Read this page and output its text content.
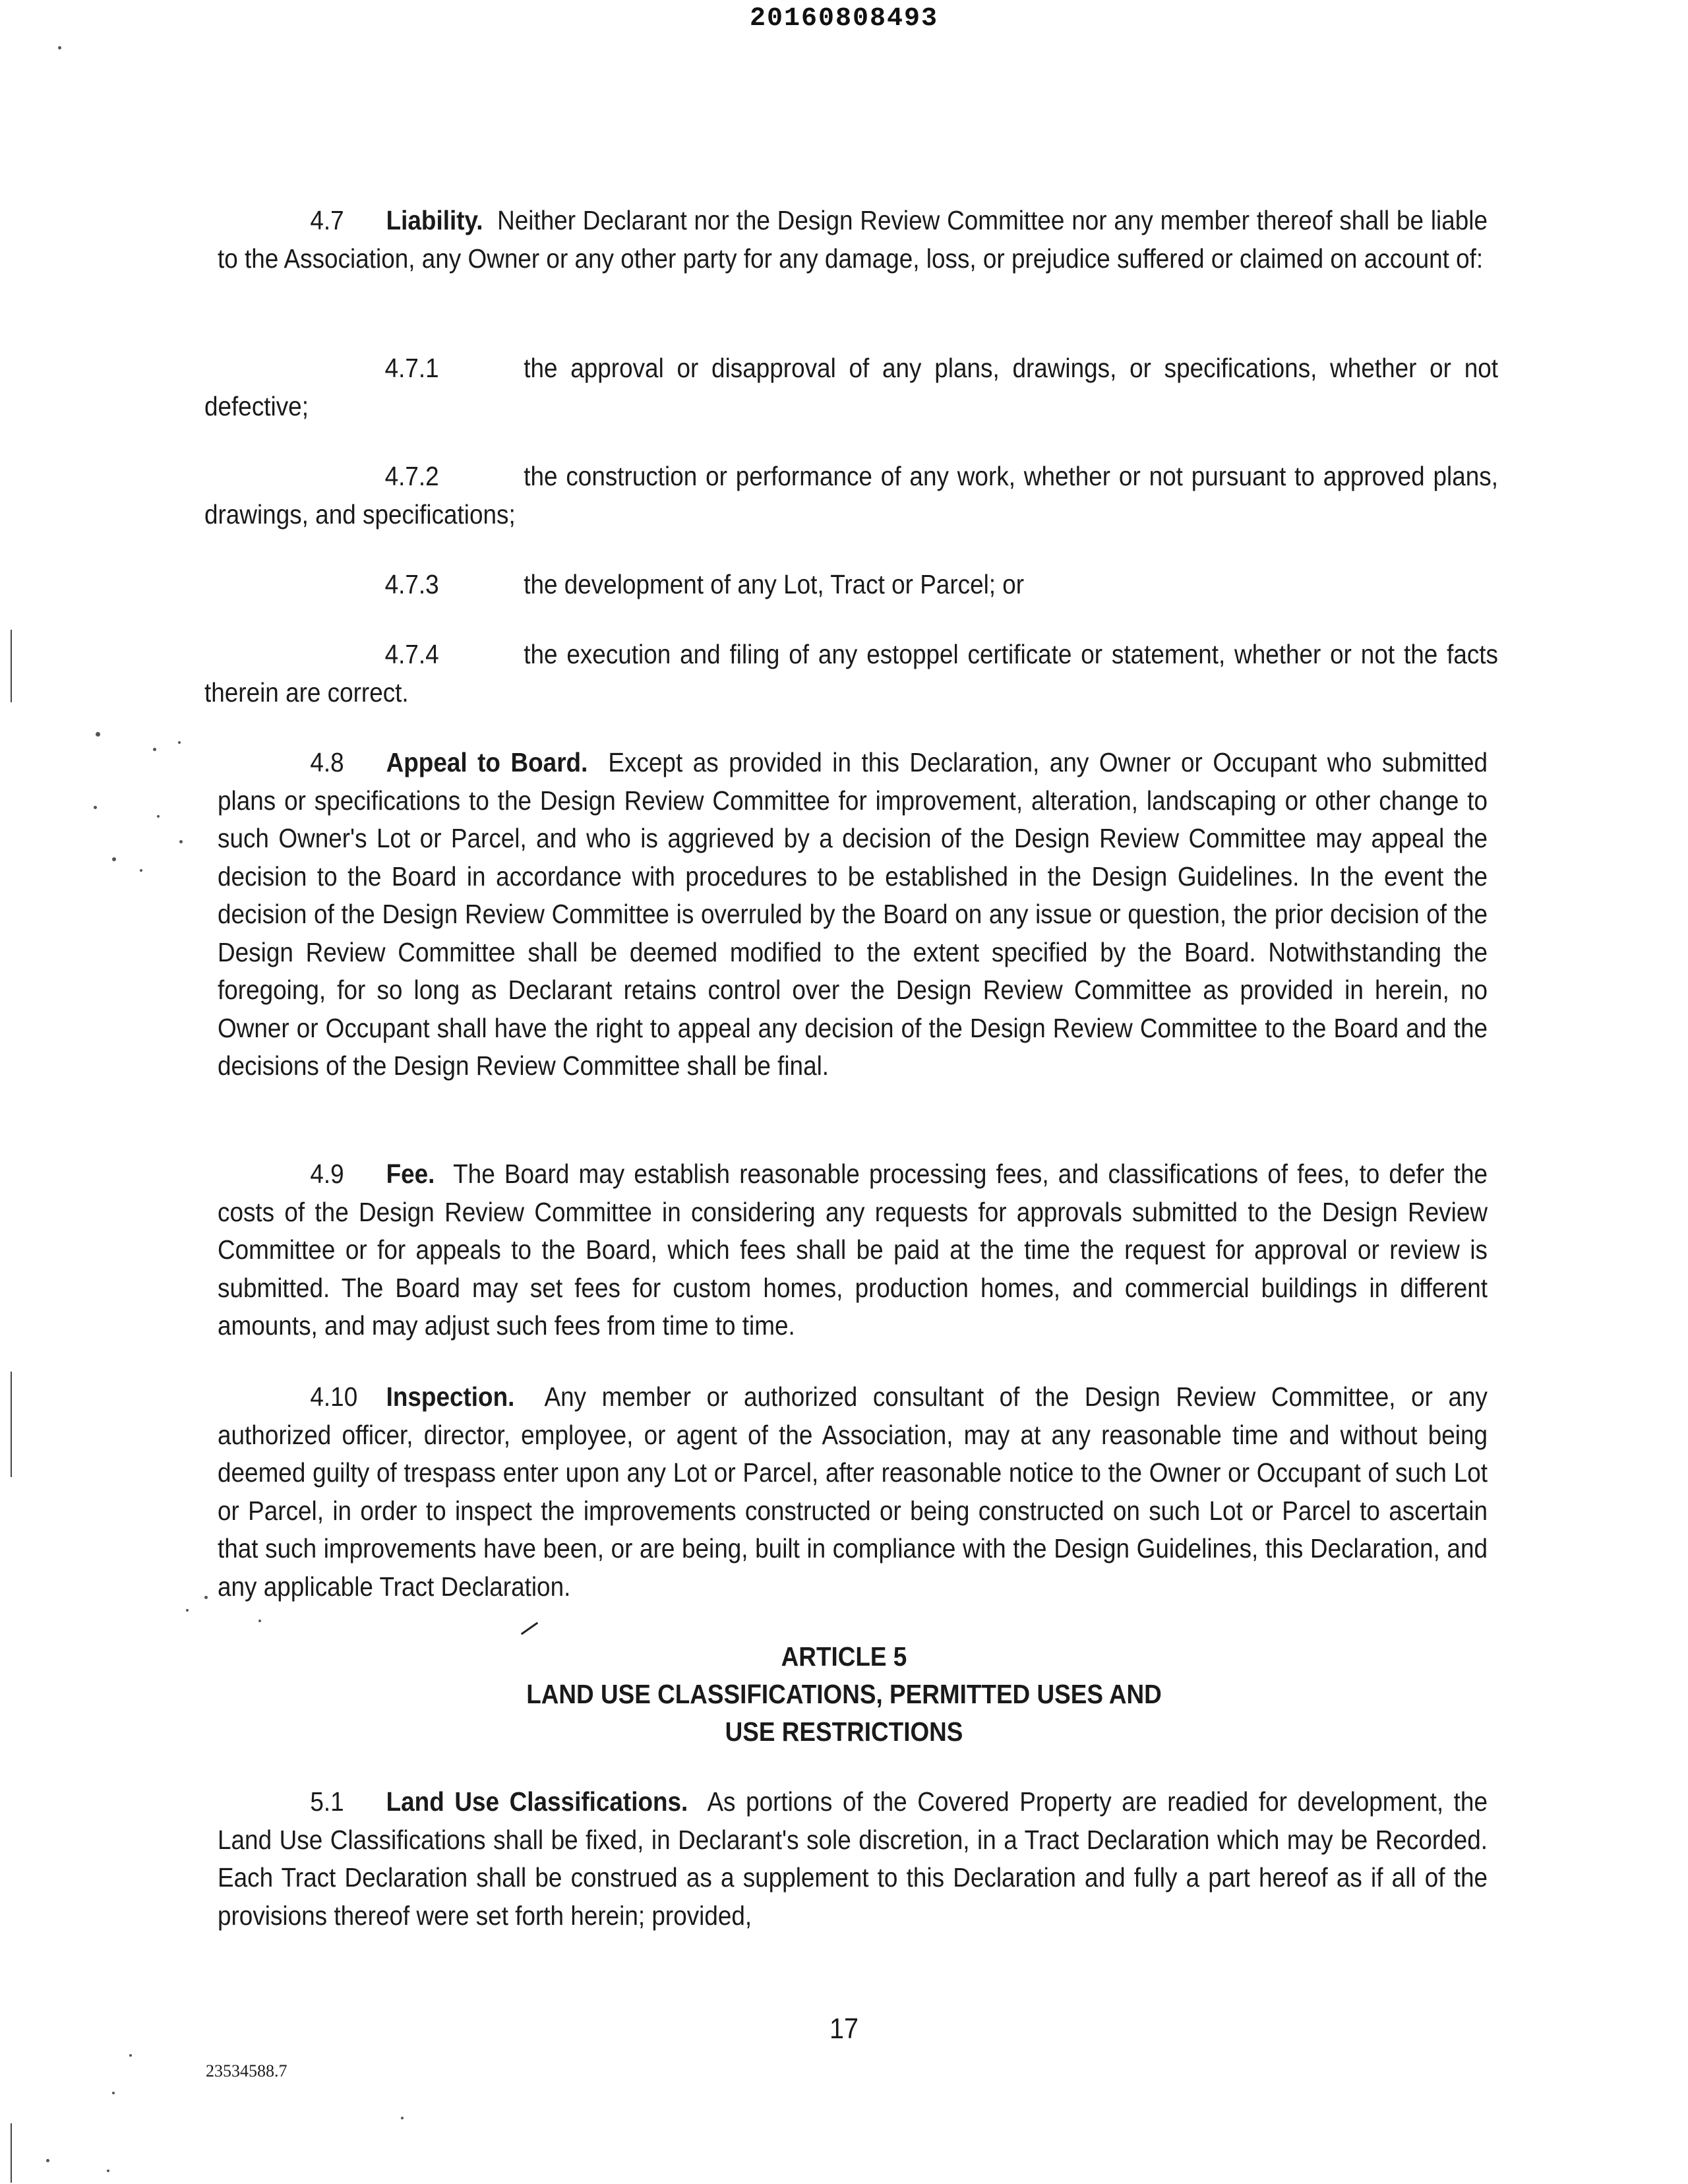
20160808493
4.7 Liability. Neither Declarant nor the Design Review Committee nor any member thereof shall be liable to the Association, any Owner or any other party for any damage, loss, or prejudice suffered or claimed on account of:
4.7.1	the approval or disapproval of any plans, drawings, or specifications, whether or not defective;
4.7.2	the construction or performance of any work, whether or not pursuant to approved plans, drawings, and specifications;
4.7.3	the development of any Lot, Tract or Parcel; or
4.7.4	the execution and filing of any estoppel certificate or statement, whether or not the facts therein are correct.
4.8 Appeal to Board. Except as provided in this Declaration, any Owner or Occupant who submitted plans or specifications to the Design Review Committee for improvement, alteration, landscaping or other change to such Owner's Lot or Parcel, and who is aggrieved by a decision of the Design Review Committee may appeal the decision to the Board in accordance with procedures to be established in the Design Guidelines. In the event the decision of the Design Review Committee is overruled by the Board on any issue or question, the prior decision of the Design Review Committee shall be deemed modified to the extent specified by the Board. Notwithstanding the foregoing, for so long as Declarant retains control over the Design Review Committee as provided in herein, no Owner or Occupant shall have the right to appeal any decision of the Design Review Committee to the Board and the decisions of the Design Review Committee shall be final.
4.9 Fee. The Board may establish reasonable processing fees, and classifications of fees, to defer the costs of the Design Review Committee in considering any requests for approvals submitted to the Design Review Committee or for appeals to the Board, which fees shall be paid at the time the request for approval or review is submitted. The Board may set fees for custom homes, production homes, and commercial buildings in different amounts, and may adjust such fees from time to time.
4.10 Inspection. Any member or authorized consultant of the Design Review Committee, or any authorized officer, director, employee, or agent of the Association, may at any reasonable time and without being deemed guilty of trespass enter upon any Lot or Parcel, after reasonable notice to the Owner or Occupant of such Lot or Parcel, in order to inspect the improvements constructed or being constructed on such Lot or Parcel to ascertain that such improvements have been, or are being, built in compliance with the Design Guidelines, this Declaration, and any applicable Tract Declaration.
ARTICLE 5
LAND USE CLASSIFICATIONS, PERMITTED USES AND
USE RESTRICTIONS
5.1 Land Use Classifications. As portions of the Covered Property are readied for development, the Land Use Classifications shall be fixed, in Declarant's sole discretion, in a Tract Declaration which may be Recorded. Each Tract Declaration shall be construed as a supplement to this Declaration and fully a part hereof as if all of the provisions thereof were set forth herein; provided,
17
23534588.7
